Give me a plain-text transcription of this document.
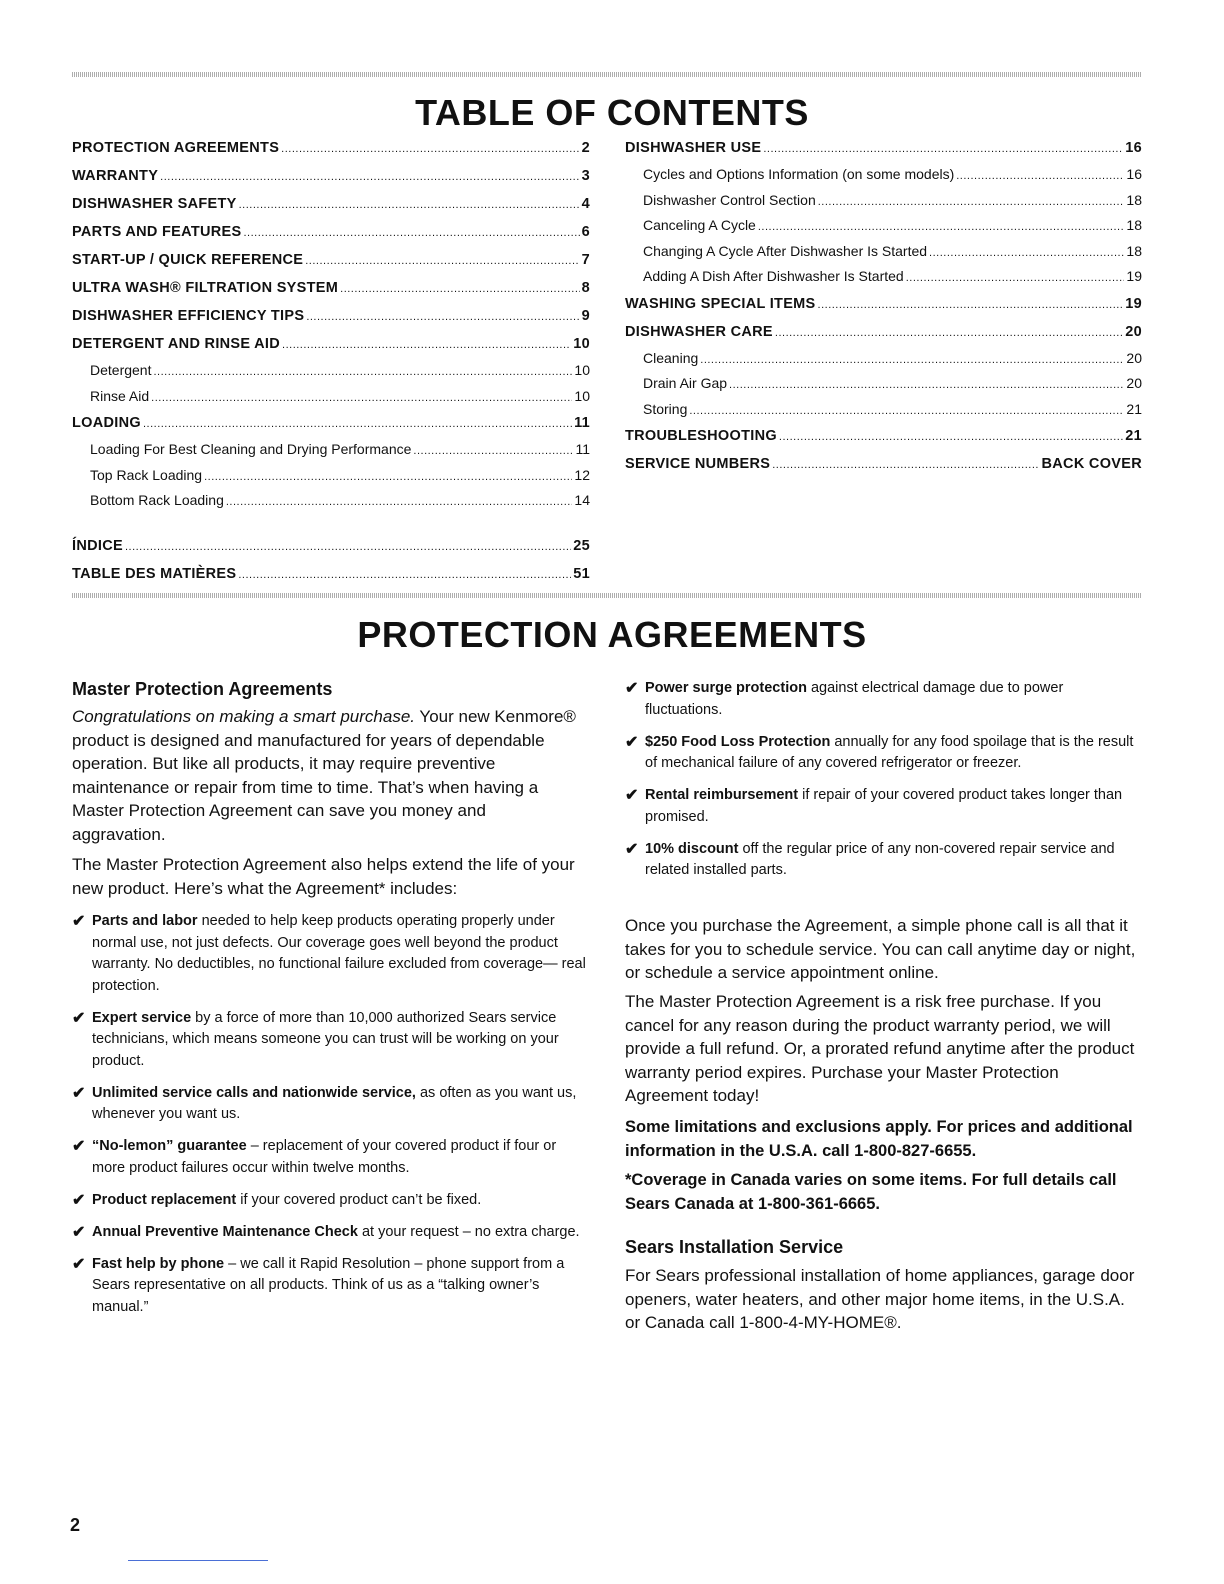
TABLE OF CONTENTS
PROTECTION AGREEMENTS .....	2
WARRANTY .....	3
DISHWASHER SAFETY .....	4
PARTS AND FEATURES .....	6
START-UP / QUICK REFERENCE .....	7
ULTRA WASH® FILTRATION SYSTEM .....	8
DISHWASHER EFFICIENCY TIPS .....	9
DETERGENT AND RINSE AID .....	10
Detergent .....	10
Rinse Aid .....	10
LOADING .....	11
Loading For Best Cleaning and Drying Performance .....	11
Top Rack Loading .....	12
Bottom Rack Loading .....	14
DISHWASHER USE .....	16
Cycles and Options Information (on some models) .....	16
Dishwasher Control Section .....	18
Canceling A Cycle .....	18
Changing A Cycle After Dishwasher Is Started .....	18
Adding A Dish After Dishwasher Is Started .....	19
WASHING SPECIAL ITEMS .....	19
DISHWASHER CARE .....	20
Cleaning .....	20
Drain Air Gap .....	20
Storing .....	21
TROUBLESHOOTING .....	21
SERVICE NUMBERS .....	BACK COVER
ÍNDICE .....	25
TABLE DES MATIÈRES .....	51
PROTECTION AGREEMENTS
Master Protection Agreements
Congratulations on making a smart purchase. Your new Kenmore® product is designed and manufactured for years of dependable operation. But like all products, it may require preventive maintenance or repair from time to time. That’s when having a Master Protection Agreement can save you money and aggravation.
The Master Protection Agreement also helps extend the life of your new product. Here’s what the Agreement* includes:
✔ Parts and labor needed to help keep products operating properly under normal use, not just defects. Our coverage goes well beyond the product warranty. No deductibles, no functional failure excluded from coverage— real protection.
✔ Expert service by a force of more than 10,000 authorized Sears service technicians, which means someone you can trust will be working on your product.
✔ Unlimited service calls and nationwide service, as often as you want us, whenever you want us.
✔ “No-lemon” guarantee – replacement of your covered product if four or more product failures occur within twelve months.
✔ Product replacement if your covered product can’t be fixed.
✔ Annual Preventive Maintenance Check at your request – no extra charge.
✔ Fast help by phone – we call it Rapid Resolution – phone support from a Sears representative on all products. Think of us as a “talking owner’s manual.”
✔ Power surge protection against electrical damage due to power fluctuations.
✔ $250 Food Loss Protection annually for any food spoilage that is the result of mechanical failure of any covered refrigerator or freezer.
✔ Rental reimbursement if repair of your covered product takes longer than promised.
✔ 10% discount off the regular price of any non-covered repair service and related installed parts.
Once you purchase the Agreement, a simple phone call is all that it takes for you to schedule service. You can call anytime day or night, or schedule a service appointment online.
The Master Protection Agreement is a risk free purchase. If you cancel for any reason during the product warranty period, we will provide a full refund. Or, a prorated refund anytime after the product warranty period expires. Purchase your Master Protection Agreement today!
Some limitations and exclusions apply. For prices and additional information in the U.S.A. call 1-800-827-6655.
*Coverage in Canada varies on some items. For full details call Sears Canada at 1-800-361-6665.
Sears Installation Service
For Sears professional installation of home appliances, garage door openers, water heaters, and other major home items, in the U.S.A. or Canada call 1-800-4-MY-HOME®.
2
